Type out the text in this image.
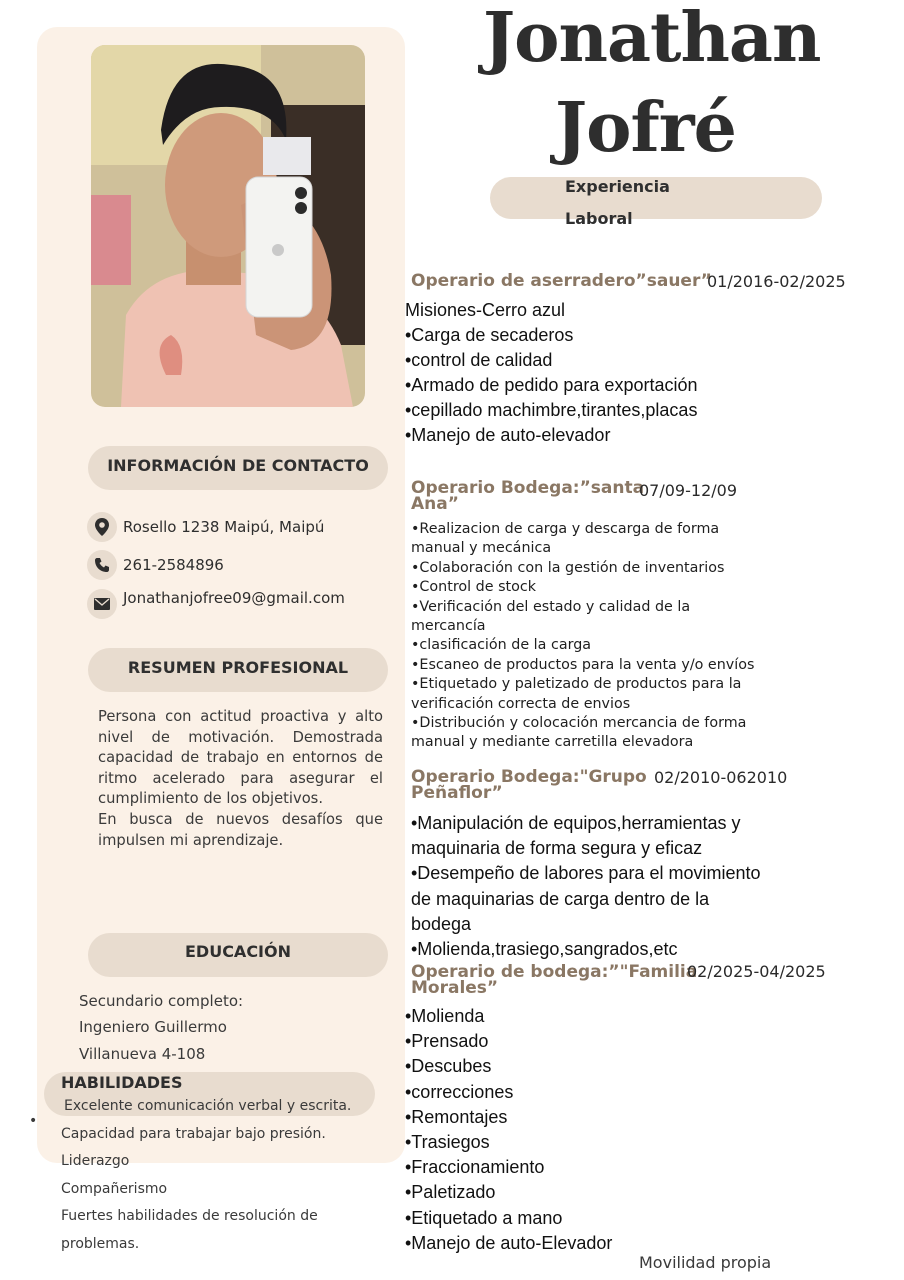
INFORMACIÓN DE CONTACTO
Rosello 1238 Maipú, Maipú
261-2584896
Jonathanjofree09@gmail.com
RESUMEN PROFESIONAL

Persona con actitud proactiva y alto nivel de motivación. Demostrada capacidad de trabajo en entornos de ritmo acelerado para asegurar el cumplimiento de los objetivos.

En busca de nuevos desafíos que impulsen mi aprendizaje.

EDUCACIÓN
Secundario completo:
Ingeniero Guillermo
Villanueva 4-108
HABILIDADES
•
Excelente comunicación verbal y escrita.
Capacidad para trabajar bajo presión.
Liderazgo
Compañerismo
Fuertes habilidades de resolución de
problemas.
Jonathan
Jofré
Experiencia
Laboral
Operario de aserradero”sauer”
01/2016-02/2025
Misiones-Cerro azul
•Carga de secaderos
•control de calidad
•Armado de pedido para exportación
•cepillado machimbre,tirantes,placas
•Manejo de auto-elevador
Operario Bodega:”santa
Ana”
07/09-12/09
•Realizacion de carga y descarga de forma
manual y mecánica
•Colaboración con la gestión de inventarios
•Control de stock
•Verificación del estado y calidad de la
mercancía
•clasificación de la carga
•Escaneo de productos para la venta y/o envíos
•Etiquetado y paletizado de productos para la
verificación correcta de envios
•Distribución y colocación mercancia de forma
manual y mediante carretilla elevadora
Operario Bodega:"Grupo
Peñaflor”
02/2010-062010
•Manipulación de equipos,herramientas y
maquinaria de forma segura y eficaz
•Desempeño de labores para el movimiento
de maquinarias de carga dentro de la
bodega
•Molienda,trasiego,sangrados,etc
Operario de bodega:”"Familia
Morales”
02/2025-04/2025
•Molienda
•Prensado
•Descubes
•correcciones
•Remontajes
•Trasiegos
•Fraccionamiento
•Paletizado
•Etiquetado a mano
•Manejo de auto-Elevador
Movilidad propia
